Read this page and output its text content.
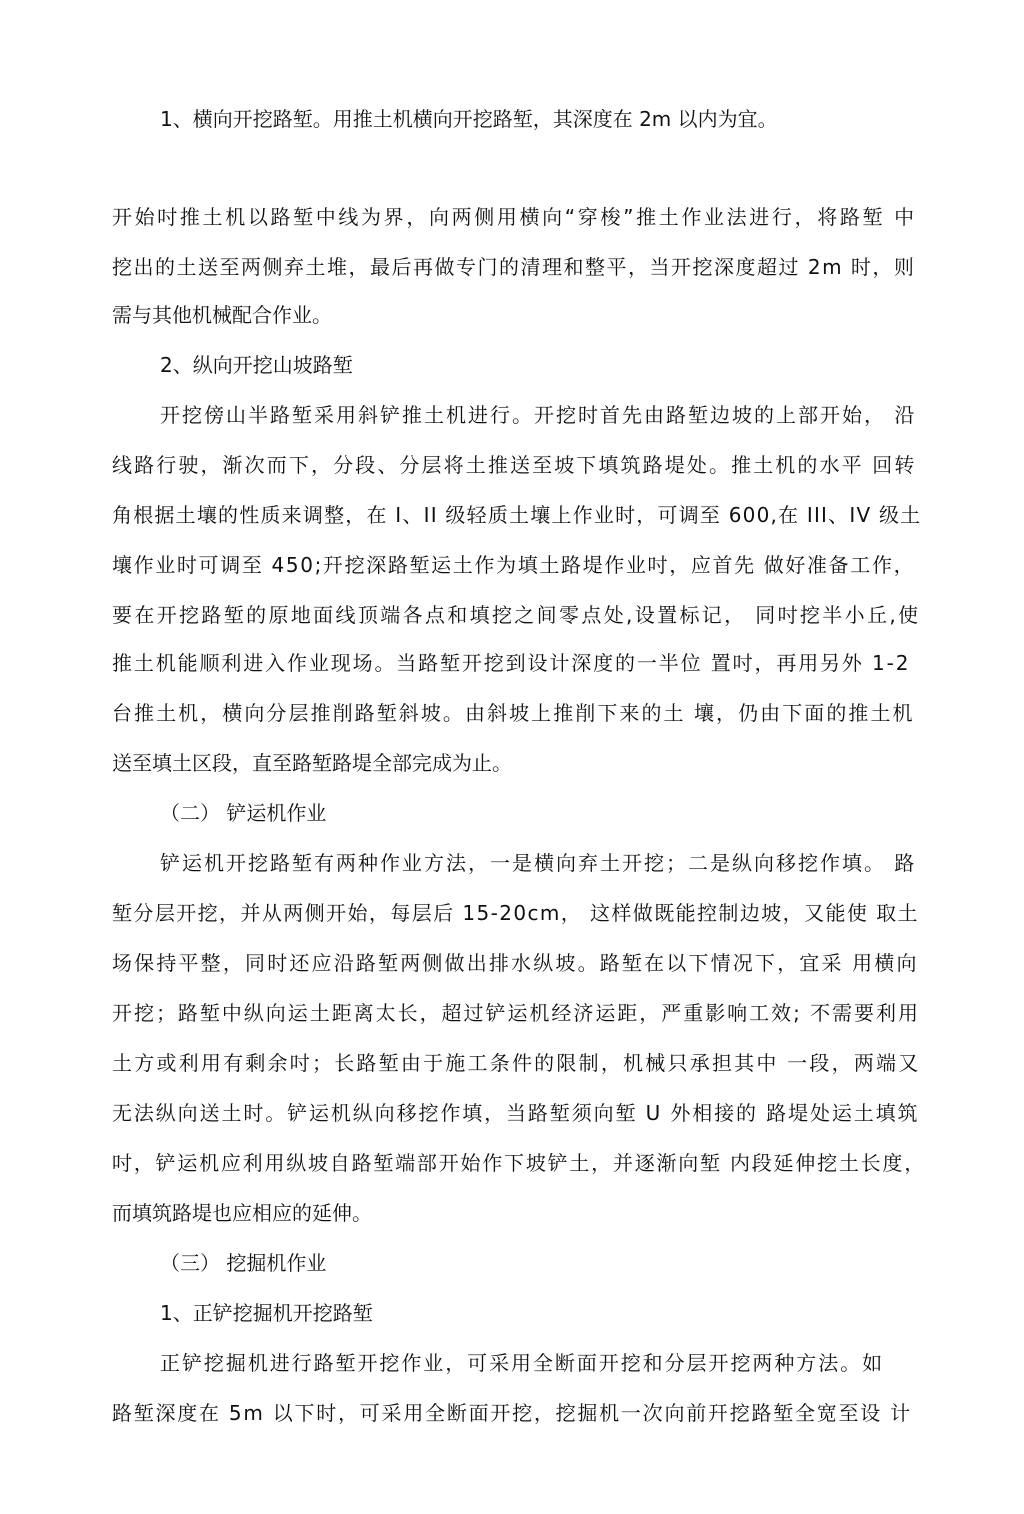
1、横向开挖路堑。用推土机横向开挖路堑，其深度在 2m 以内为宜。
开始吋推土机以路堑中线为界，向两侧用横向“穿梭”推土作业法进行，将路堑 中
挖出的土送至两侧弃土堆，最后再做专门的清理和整平，当开挖深度超过 2m 时，则
需与其他机械配合作业。
2、纵向开挖山坡路堑
开挖傍山半路堑采用斜铲推土机进行。开挖时首先由路堑边坡的上部开始， 沿
线路行驶，渐次而下，分段、分层将土推送至坡下填筑路堤处。推土机的水平 回转
角根据土壤的性质来调整，在 I、II 级轻质土壤上作业时，可调至 600,在 III、IV 级土
壤作业时可调至 450;幵挖深路堑运土作为填土路堤作业吋，应首先 做好准备工作，
要在开挖路堑的原地面线顶端各点和填挖之间零点处,设置标记， 同吋挖半小丘,使
推土机能顺利进入作业现场。当路堑开挖到设计深度的一半位 置吋，再用另外 1-2
台推土机，横向分层推削路堑斜坡。由斜坡上推削下来的土 壤，仍由下面的推土机
送至填土区段，直至路堑路堤全部完成为止。
（二） 铲运机作业
铲运机开挖路堑有两种作业方法，一是横向弃土开挖；二是纵向移挖作填。 路
堑分层开挖，并从两侧开始，每层后 15-20cm， 这样做既能控制边坡，又能使 取土
场保持平整，同时还应沿路堑两侧做出排水纵坡。路堑在以下情况下，宜采 用横向
开挖；路堑中纵向运土距离太长，超过铲运机经济运距，严重影响工效; 不需要利用
土方或利用有剩余吋；长路堑由于施工条件的限制，机械只承担其中 一段，两端又
无法纵向送土时。铲运机纵向移挖作填，当路堑须向堑 U 外相接的 路堤处运土填筑
吋，铲运机应利用纵坡自路堑端部开始作下坡铲土，并逐渐向堑 内段延伸挖土长度，
而填筑路堤也应相应的延伸。
（三） 挖掘机作业
1、正铲挖掘机开挖路堑
正铲挖掘机进行路堑开挖作业，可采用全断面开挖和分层开挖两种方法。如
路堑深度在 5m 以下时，可采用全断面开挖，挖掘机一次向前幵挖路堑全宽至设 计
